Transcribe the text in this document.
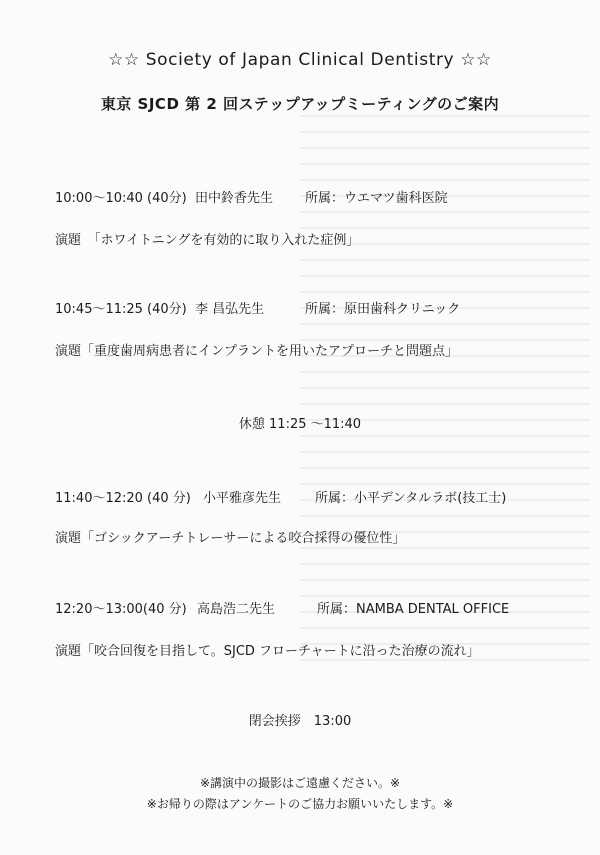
☆☆ Society of Japan Clinical Dentistry ☆☆
東京 SJCD 第 2 回ステップアップミーティングのご案内
10:00～10:40 (40分) 田中鈴香先生 所属：ウエマツ歯科医院
演題　「ホワイトニングを有効的に取り入れた症例」
10:45～11:25 (40分) 李 昌弘先生	所属：原田歯科クリニック
演題「重度歯周病患者にインプラントを用いたアプローチと問題点」
休憩 11:25 ～11:40
11:40～12:20 (40 分) 小平雅彦先生	所属：小平デンタルラボ(技工士)
演題「ゴシックアーチトレーサーによる咬合採得の優位性」
12:20～13:00(40 分) 高島浩二先生	所属：NAMBA DENTAL OFFICE
演題「咬合回復を目指して。SJCD フローチャートに沿った治療の流れ」
閉会挨拶　13:00
※講演中の撮影はご遠慮ください。※
※お帰りの際はアンケートのご協力お願いいたします。※
